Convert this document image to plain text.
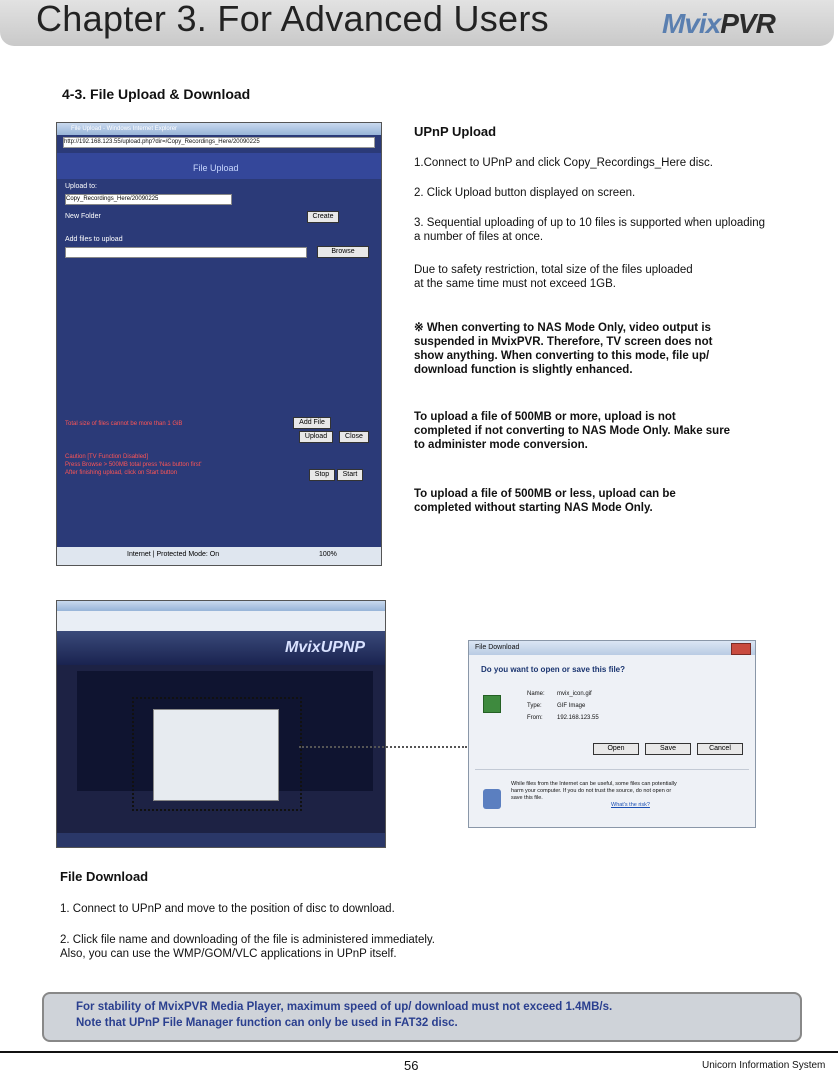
Chapter 3. For Advanced Users	MvixPVR
4-3. File Upload & Download
File Upload - Windows Internet Explorer
http://192.168.123.55/upload.php?dir=/Copy_Recordings_Here/20090225
File Upload
Upload to:
Copy_Recordings_Here/20090225
New Folder	Create
Add files to upload
Browse
Total size of files cannot be more than 1 GiB	Add File
Upload	Close
Caution [TV Function Disabled]
Press Browse > 500MB total press 'Nas button first'
After finishing upload, click on Start button	Stop	Start
Internet | Protected Mode: On	100%
UPnP Upload
1.Connect to UPnP and click Copy_Recordings_Here disc.
2. Click Upload button displayed on screen.
3. Sequential uploading of up to 10 files is supported when uploading
a number of files at once.
Due to safety restriction, total size of the files uploaded
at the same time must not exceed 1GB.
※ When converting to NAS Mode Only, video output is
suspended in MvixPVR. Therefore, TV screen does not
show anything. When converting to this mode, file up/
download function is slightly enhanced.
To upload a file of 500MB or more, upload is not
completed if not converting to NAS Mode Only. Make sure
to administer mode conversion.
To upload a file of 500MB or less, upload can be
completed without starting NAS Mode Only.
MvixUPNP	File Download
Do you want to open or save this file?
Name: mvix_icon.gif
Type:	GIF Image
From: 192.168.123.55
Open	Save	Cancel
While files from the Internet can be useful, some files can potentially
harm your computer. If you do not trust the source, do not open or
save this file.
What's the risk?
File Download
1. Connect to UPnP and move to the position of disc to download.
2. Click file name and downloading of the file is administered immediately.
Also, you can use the WMP/GOM/VLC applications in UPnP itself.
For stability of MvixPVR Media Player, maximum speed of up/ download must not exceed 1.4MB/s.
Note that UPnP File Manager function can only be used in FAT32 disc.
56	Unicorn Information System
